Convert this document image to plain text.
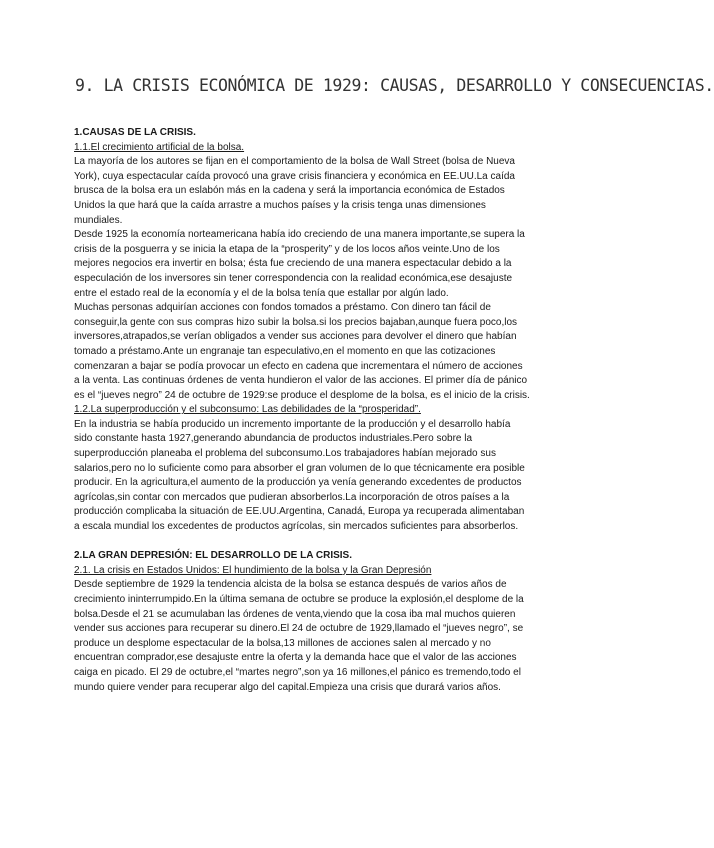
9. LA CRISIS ECONÓMICA DE 1929: CAUSAS, DESARROLLO Y CONSECUENCIAS.
1.CAUSAS DE LA CRISIS.
1.1.El crecimiento artificial de la bolsa.

La mayoría de los autores se fijan en el comportamiento de la bolsa de Wall Street (bolsa de Nueva York), cuya espectacular caída provocó una grave crisis financiera y económica en EE.UU.La caída brusca de la bolsa era un eslabón más en la cadena y será la importancia económica de Estados Unidos la que hará que la caída arrastre a muchos países y la crisis tenga unas dimensiones mundiales.

Desde 1925 la economía norteamericana había ido creciendo de una manera importante,se supera la crisis de la posguerra y se inicia la etapa de la “prosperity” y de los locos años veinte.Uno de los mejores negocios era invertir en bolsa; ésta fue creciendo de una manera espectacular debido a la especulación de los inversores sin tener correspondencia con la realidad económica,ese desajuste entre el estado real de la economía y el de la bolsa tenía que estallar por algún lado.

Muchas personas adquirían acciones con fondos tomados a préstamo. Con dinero tan fácil de conseguir,la gente con sus compras hizo subir la bolsa.si los precios bajaban,aunque fuera poco,los inversores,atrapados,se verían obligados a vender sus acciones para devolver el dinero que habían tomado a préstamo.Ante un engranaje tan especulativo,en el momento en que las cotizaciones comenzaran a bajar se podía provocar un efecto en cadena que incrementara el número de acciones a la venta. Las continuas órdenes de venta hundieron el valor de las acciones. El primer día de pánico es el “jueves negro” 24 de octubre de 1929:se produce el desplome de la bolsa, es el inicio de la crisis.

1.2.La superproducción y el subconsumo: Las debilidades de la “prosperidad”.

En la industria se había producido un incremento importante de la producción y el desarrollo había sido constante hasta 1927,generando abundancia de productos industriales.Pero sobre la superproducción planeaba el problema del subconsumo.Los trabajadores habían mejorado sus salarios,pero no lo suficiente como para absorber el gran volumen de lo que técnicamente era posible producir. En la agricultura,el aumento de la producción ya venía generando excedentes de productos agrícolas,sin contar con mercados que pudieran absorberlos.La incorporación de otros países a la producción complicaba la situación de EE.UU.Argentina, Canadá, Europa ya recuperada alimentaban a escala mundial los excedentes de productos agrícolas, sin mercados suficientes para absorberlos.

2.LA GRAN DEPRESIÓN: EL DESARROLLO DE LA CRISIS.
2.1. La crisis en Estados Unidos: El hundimiento de la bolsa y la Gran Depresión

Desde septiembre de 1929 la tendencia alcista de la bolsa se estanca después de varios años de crecimiento ininterrumpido.En la última semana de octubre se produce la explosión,el desplome de la bolsa.Desde el 21 se acumulaban las órdenes de venta,viendo que la cosa iba mal muchos quieren vender sus acciones para recuperar su dinero.El 24 de octubre de 1929,llamado el “jueves negro”, se produce un desplome espectacular de la bolsa,13 millones de acciones salen al mercado y no encuentran comprador,ese desajuste entre la oferta y la demanda hace que el valor de las acciones caiga en picado. El 29 de octubre,el “martes negro”,son ya 16 millones,el pánico es tremendo,todo el mundo quiere vender para recuperar algo del capital.Empieza una crisis que durará varios años.
